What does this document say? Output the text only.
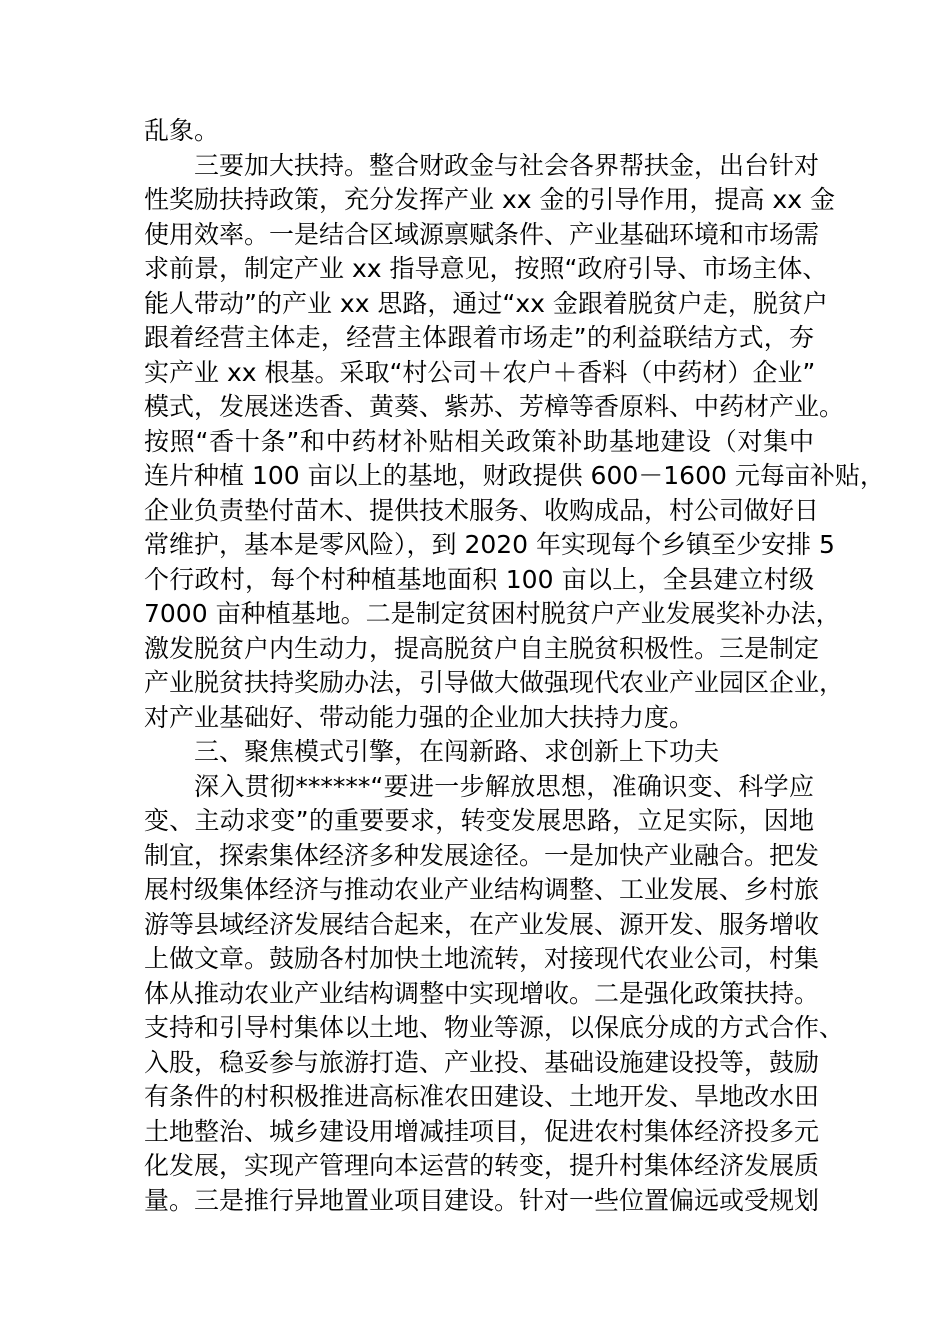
乱象。
三要加大扶持。整合财政金与社会各界帮扶金，出台针对
性奖励扶持政策，充分发挥产业 xx 金的引导作用，提高 xx 金
使用效率。一是结合区域源禀赋条件、产业基础环境和市场需
求前景，制定产业 xx 指导意见，按照“政府引导、市场主体、
能人带动”的产业 xx 思路，通过“xx 金跟着脱贫户走，脱贫户
跟着经营主体走，经营主体跟着市场走”的利益联结方式，夯
实产业 xx 根基。采取“村公司＋农户＋香料（中药材）企业”
模式，发展迷迭香、黄葵、紫苏、芳樟等香原料、中药材产业。
按照“香十条”和中药材补贴相关政策补助基地建设（对集中
连片种植 100 亩以上的基地，财政提供 600－1600 元每亩补贴，
企业负责垫付苗木、提供技术服务、收购成品，村公司做好日
常维护，基本是零风险），到 2020 年实现每个乡镇至少安排 5
个行政村，每个村种植基地面积 100 亩以上，全县建立村级
7000 亩种植基地。二是制定贫困村脱贫户产业发展奖补办法，
激发脱贫户内生动力，提高脱贫户自主脱贫积极性。三是制定
产业脱贫扶持奖励办法，引导做大做强现代农业产业园区企业，
对产业基础好、带动能力强的企业加大扶持力度。
三、聚焦模式引擎，在闯新路、求创新上下功夫
深入贯彻******“要进一步解放思想，准确识变、科学应
变、主动求变”的重要要求，转变发展思路，立足实际，因地
制宜，探索集体经济多种发展途径。一是加快产业融合。把发
展村级集体经济与推动农业产业结构调整、工业发展、乡村旅
游等县域经济发展结合起来，在产业发展、源开发、服务增收
上做文章。鼓励各村加快土地流转，对接现代农业公司，村集
体从推动农业产业结构调整中实现增收。二是强化政策扶持。
支持和引导村集体以土地、物业等源，以保底分成的方式合作、
入股，稳妥参与旅游打造、产业投、基础设施建设投等，鼓励
有条件的村积极推进高标准农田建设、土地开发、旱地改水田
土地整治、城乡建设用增减挂项目，促进农村集体经济投多元
化发展，实现产管理向本运营的转变，提升村集体经济发展质
量。三是推行异地置业项目建设。针对一些位置偏远或受规划
